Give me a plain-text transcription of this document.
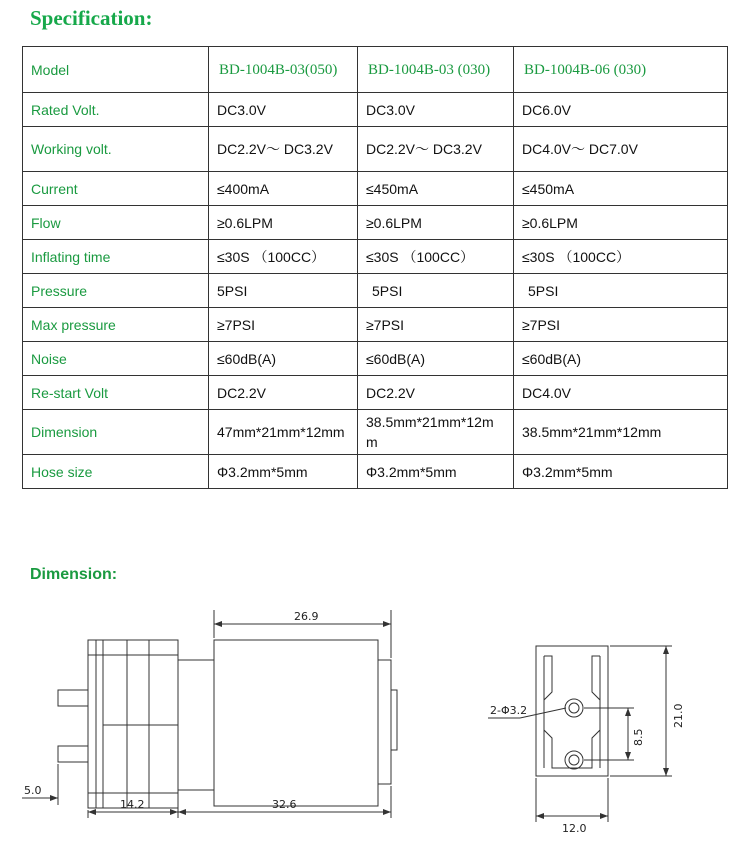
Specification:
Model	BD-1004B-03(050)	BD-1004B-03 (030)	BD-1004B-06 (030)
Rated Volt.	DC3.0V	DC3.0V	DC6.0V
Working volt.	DC2.2V～ DC3.2V	DC2.2V～ DC3.2V	DC4.0V～ DC7.0V
Current	≤400mA	≤450mA	≤450mA
Flow	≥0.6LPM	≥0.6LPM	≥0.6LPM
Inflating time	≤30S （100CC）	≤30S （100CC）	≤30S （100CC）
Pressure	5PSI	5PSI	5PSI
Max pressure	≥7PSI	≥7PSI	≥7PSI
Noise	≤60dB(A)	≤60dB(A)	≤60dB(A)
Re-start Volt	DC2.2V	DC2.2V	DC4.0V
Dimension	47mm*21mm*12mm	38.5mm*21mm*12mm	38.5mm*21mm*12mm
Hose size	Φ3.2mm*5mm	Φ3.2mm*5mm	Φ3.2mm*5mm
Dimension:
26.9
5.0
14.2	32.6
2-Φ3.2
8.5
21.0
12.0
